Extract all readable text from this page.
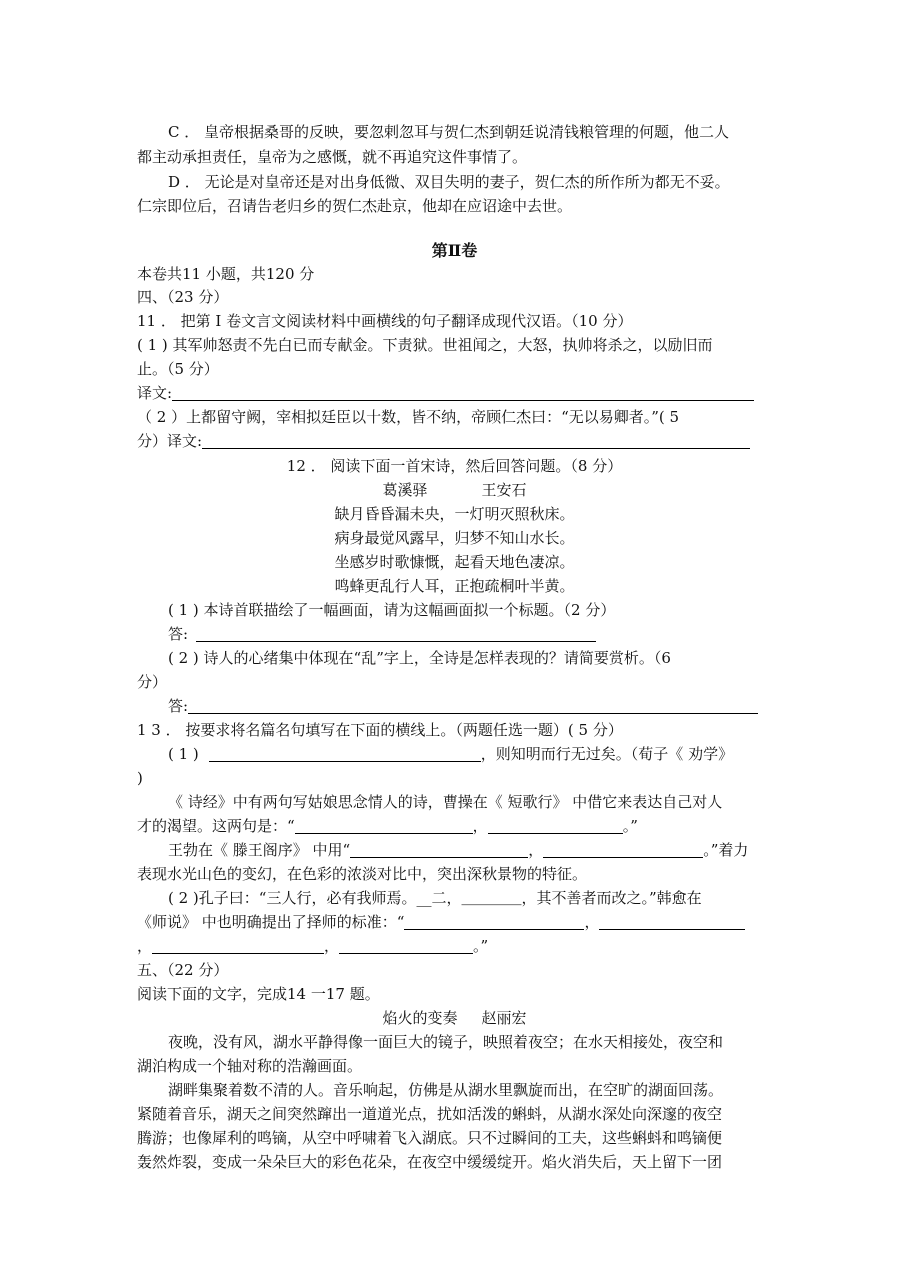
C ． 皇帝根据桑哥的反映，要忽剌忽耳与贺仁杰到朝廷说清钱粮管理的何题，他二人
都主动承担责任，皇帝为之感慨，就不再追究这件事情了。
D ． 无论是对皇帝还是对出身低微、双目失明的妻子，贺仁杰的所作所为都无不妥。
仁宗即位后，召请告老归乡的贺仁杰赴京，他却在应诏途中去世。
第Ⅱ卷
本卷共11 小题，共120 分
四、（23 分）
11 ． 把第 I 卷文言文阅读材料中画横线的句子翻译成现代汉语。（10 分）
( 1 ) 其军帅怒责不先白已而专献金。下责狱。世祖闻之，大怒，执帅将杀之，以励旧而
止。（5 分）
译文:
（ 2 ）上都留守阙，宰相拟廷臣以十数，皆不纳，帝顾仁杰曰：“无以易卿者。”( 5
分）译文:
12 ． 阅读下面一首宋诗，然后回答问题。（8 分）
葛溪驿	王安石
缺月昏昏漏未央，一灯明灭照秋床。
病身最觉风露早，归梦不知山水长。
坐感岁时歌慷慨，起看天地色凄凉。
鸣蜂更乱行人耳，正抱疏桐叶半黄。
( 1 ) 本诗首联描绘了一幅画面，请为这幅画面拟一个标题。（2 分）
答:
( 2 ) 诗人的心绪集中体现在“乱”字上，全诗是怎样表现的？请简要赏析。（6
分）
答:
1 3 ． 按要求将名篇名句填写在下面的横线上。（两题任选一题）( 5 分）
( 1 )	，则知明而行无过矣。（荀子《 劝学》
)
《 诗经》中有两句写姑娘思念情人的诗，曹操在《 短歌行》 中借它来表达自己对人
才的渴望。这两句是：“	，	。”
王勃在《 滕王阁序》 中用“	，	。”着力
表现水光山色的变幻，在色彩的浓淡对比中，突出深秋景物的特征。
( 2 )孔子曰：“三人行，必有我师焉。__二，＿＿＿＿，其不善者而改之。”韩愈在
《师说》 中也明确提出了择师的标准：“	，
，	，	。”
五、（22 分）
阅读下面的文字，完成14 一17 题。
焰火的变奏 赵丽宏
夜晚，没有风，湖水平静得像一面巨大的镜子，映照着夜空；在水天相接处，夜空和
湖泊构成一个轴对称的浩瀚画面。
湖畔集聚着数不清的人。音乐响起，仿佛是从湖水里飘旋而出，在空旷的湖面回荡。
紧随着音乐，湖天之间突然蹿出一道道光点，扰如活泼的蝌蚪，从湖水深处向深邃的夜空
腾游；也像犀利的鸣镝，从空中呼啸着飞入湖底。只不过瞬间的工夫，这些蝌蚪和鸣镝便
轰然炸裂，变成一朵朵巨大的彩色花朵，在夜空中缓缓绽开。焰火消失后，天上留下一团
